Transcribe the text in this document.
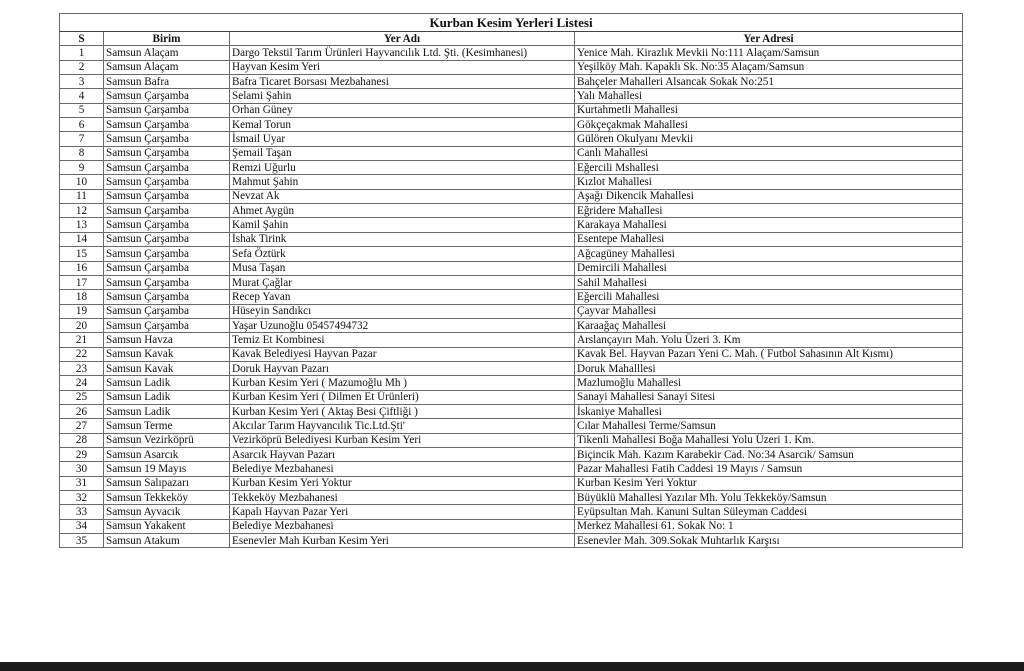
Kurban Kesim Yerleri Listesi			
S	Birim	Yer Adı	Yer Adresi
1	Samsun Alaçam	Dargo Tekstil Tarım Ürünleri Hayvancılık Ltd. Şti. (Kesimhanesi)	Yenice Mah. Kirazlık Mevkii No:111 Alaçam/Samsun
2	Samsun Alaçam	Hayvan Kesim Yeri	Yeşilköy Mah. Kapaklı Sk. No:35 Alaçam/Samsun
3	Samsun Bafra	Bafra Ticaret Borsası Mezbahanesi	Bahçeler Mahalleri Alsancak Sokak No:251
4	Samsun Çarşamba	Selami Şahin	Yalı Mahallesi
5	Samsun Çarşamba	Orhan Güney	Kurtahmetli Mahallesi
6	Samsun Çarşamba	Kemal Torun	Gökçeçakmak Mahallesi
7	Samsun Çarşamba	İsmail Uyar	Gülören Okulyanı Mevkii
8	Samsun Çarşamba	Şemail Taşan	Canlı Mahallesi
9	Samsun Çarşamba	Remzi Uğurlu	Eğercili Mshallesi
10	Samsun Çarşamba	Mahmut Şahin	Kızlot Mahallesi
11	Samsun Çarşamba	Nevzat Ak	Aşağı Dikencik Mahallesi
12	Samsun Çarşamba	Ahmet Aygün	Eğridere Mahallesi
13	Samsun Çarşamba	Kamil Şahin	Karakaya Mahallesi
14	Samsun Çarşamba	İshak Tirink	Esentepe Mahallesi
15	Samsun Çarşamba	Sefa Öztürk	Ağcagüney Mahallesi
16	Samsun Çarşamba	Musa Taşan	Demircili Mahallesi
17	Samsun Çarşamba	Murat Çağlar	Sahil Mahallesi
18	Samsun Çarşamba	Recep Yavan	Eğercili Mahallesi
19	Samsun Çarşamba	Hüseyin Sandıkcı	Çayvar Mahallesi
20	Samsun Çarşamba	Yaşar Uzunoğlu 05457494732	Karaağaç Mahallesi
21	Samsun Havza	Temiz Et Kombinesi	Arslançayırı Mah. Yolu Üzeri 3. Km
22	Samsun Kavak	Kavak Belediyesi Hayvan Pazar	Kavak Bel. Hayvan Pazarı Yeni C. Mah. ( Futbol Sahasının Alt Kısmı)
23	Samsun Kavak	Doruk Hayvan Pazarı	Doruk Mahalllesi
24	Samsun Ladik	Kurban Kesim Yeri ( Mazumoğlu Mh )	Mazlumoğlu Mahallesi
25	Samsun Ladik	Kurban Kesim Yeri ( Dilmen Et Ürünleri)	Sanayi Mahallesi Sanayi Sitesi
26	Samsun Ladik	Kurban Kesim Yeri ( Aktaş Besi Çiftliği )	İskaniye Mahallesi
27	Samsun Terme	Akcılar Tarım Hayvancılık Tic.Ltd.Şti'	Cılar Mahallesi Terme/Samsun
28	Samsun Vezirköprü	Vezirköprü Belediyesi Kurban Kesim Yeri	Tikenli Mahallesi Boğa Mahallesi Yolu Üzeri 1. Km.
29	Samsun Asarcık	Asarcık Hayvan Pazarı	Biçincik Mah. Kazım Karabekir Cad. No:34 Asarcık/ Samsun
30	Samsun 19 Mayıs	Belediye Mezbahanesi	Pazar Mahallesi Fatih Caddesi 19 Mayıs / Samsun
31	Samsun Salıpazarı	Kurban Kesim Yeri Yoktur	Kurban Kesim Yeri Yoktur
32	Samsun Tekkeköy	Tekkeköy Mezbahanesi	Büyüklü Mahallesi Yazılar Mh. Yolu Tekkeköy/Samsun
33	Samsun Ayvacık	Kapalı Hayvan Pazar Yeri	Eyüpsultan Mah. Kanuni Sultan Süleyman Caddesi
34	Samsun Yakakent	Belediye Mezbahanesi	Merkez Mahallesi 61. Sokak No: 1
35	Samsun Atakum	Esenevler Mah Kurban Kesim Yeri	Esenevler Mah. 309.Sokak Muhtarlık Karşısı
